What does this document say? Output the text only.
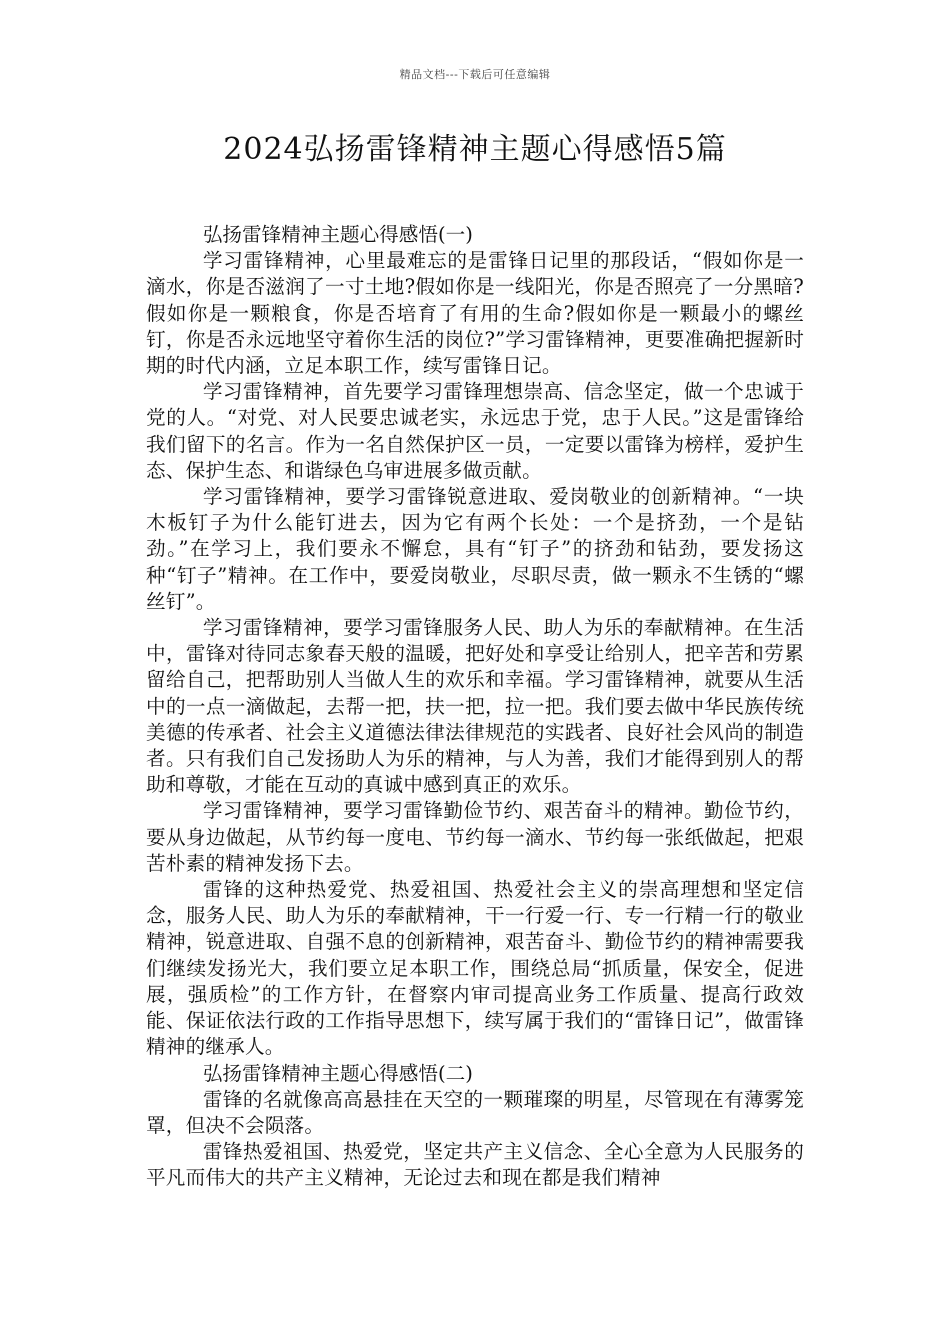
精品文档---下载后可任意编辑
2024弘扬雷锋精神主题心得感悟5篇

弘扬雷锋精神主题心得感悟(一)

学习雷锋精神，心里最难忘的是雷锋日记里的那段话，“假如你是一滴水，你是否滋润了一寸土地?假如你是一线阳光，你是否照亮了一分黑暗?假如你是一颗粮食，你是否培育了有用的生命?假如你是一颗最小的螺丝钉，你是否永远地坚守着你生活的岗位?”学习雷锋精神，更要准确把握新时期的时代内涵，立足本职工作，续写雷锋日记。

学习雷锋精神，首先要学习雷锋理想崇高、信念坚定，做一个忠诚于党的人。“对党、对人民要忠诚老实，永远忠于党，忠于人民。”这是雷锋给我们留下的名言。作为一名自然保护区一员，一定要以雷锋为榜样，爱护生态、保护生态、和谐绿色乌审进展多做贡献。

学习雷锋精神，要学习雷锋锐意进取、爱岗敬业的创新精神。“一块木板钉子为什么能钉进去，因为它有两个长处：一个是挤劲，一个是钻劲。”在学习上，我们要永不懈怠，具有“钉子”的挤劲和钻劲，要发扬这种“钉子”精神。在工作中，要爱岗敬业，尽职尽责，做一颗永不生锈的“螺丝钉”。

学习雷锋精神，要学习雷锋服务人民、助人为乐的奉献精神。在生活中，雷锋对待同志象春天般的温暖，把好处和享受让给别人，把辛苦和劳累留给自己，把帮助别人当做人生的欢乐和幸福。学习雷锋精神，就要从生活中的一点一滴做起，去帮一把，扶一把，拉一把。我们要去做中华民族传统美德的传承者、社会主义道德法律法律规范的实践者、良好社会风尚的制造者。只有我们自己发扬助人为乐的精神，与人为善，我们才能得到别人的帮助和尊敬，才能在互动的真诚中感到真正的欢乐。

学习雷锋精神，要学习雷锋勤俭节约、艰苦奋斗的精神。勤俭节约，要从身边做起，从节约每一度电、节约每一滴水、节约每一张纸做起，把艰苦朴素的精神发扬下去。

雷锋的这种热爱党、热爱祖国、热爱社会主义的崇高理想和坚定信念，服务人民、助人为乐的奉献精神，干一行爱一行、专一行精一行的敬业精神，锐意进取、自强不息的创新精神，艰苦奋斗、勤俭节约的精神需要我们继续发扬光大，我们要立足本职工作，围绕总局“抓质量，保安全，促进展，强质检”的工作方针，在督察内审司提高业务工作质量、提高行政效能、保证依法行政的工作指导思想下，续写属于我们的“雷锋日记”，做雷锋精神的继承人。

弘扬雷锋精神主题心得感悟(二)

雷锋的名就像高高悬挂在天空的一颗璀璨的明星，尽管现在有薄雾笼罩，但决不会陨落。

雷锋热爱祖国、热爱党，坚定共产主义信念、全心全意为人民服务的平凡而伟大的共产主义精神，无论过去和现在都是我们精神
